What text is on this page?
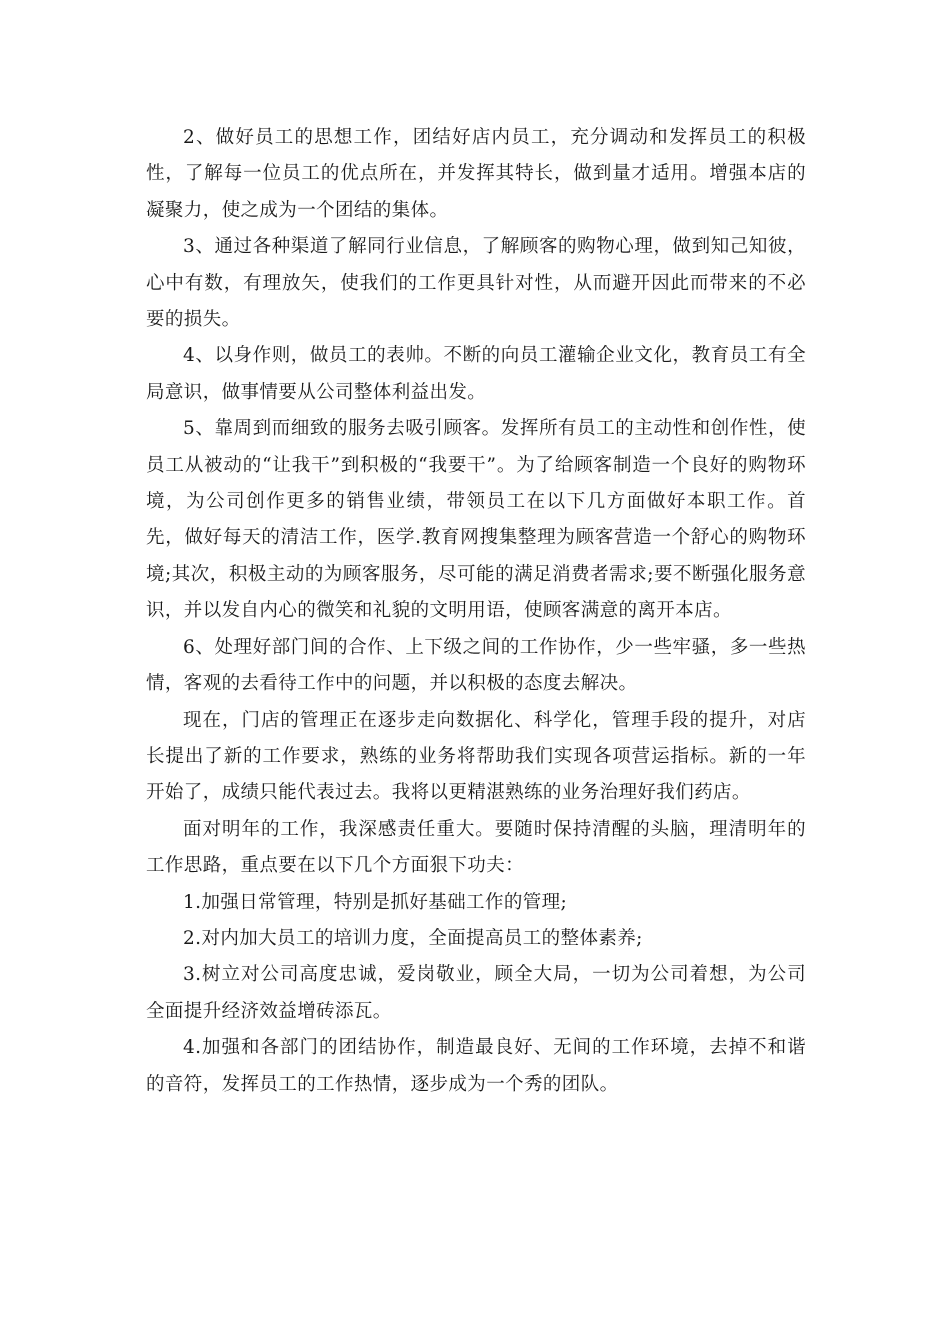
2、做好员工的思想工作，团结好店内员工，充分调动和发挥员工的积极性，了解每一位员工的优点所在，并发挥其特长，做到量才适用。增强本店的凝聚力，使之成为一个团结的集体。

3、通过各种渠道了解同行业信息，了解顾客的购物心理，做到知己知彼，心中有数，有理放矢，使我们的工作更具针对性，从而避开因此而带来的不必要的损失。

4、以身作则，做员工的表帅。不断的向员工灌输企业文化，教育员工有全局意识，做事情要从公司整体利益出发。

5、靠周到而细致的服务去吸引顾客。发挥所有员工的主动性和创作性，使员工从被动的“让我干”到积极的“我要干”。为了给顾客制造一个良好的购物环境，为公司创作更多的销售业绩，带领员工在以下几方面做好本职工作。首先，做好每天的清洁工作，医学.教育网搜集整理为顾客营造一个舒心的购物环境;其次，积极主动的为顾客服务，尽可能的满足消费者需求;要不断强化服务意识，并以发自内心的微笑和礼貌的文明用语，使顾客满意的离开本店。

6、处理好部门间的合作、上下级之间的工作协作，少一些牢骚，多一些热情，客观的去看待工作中的问题，并以积极的态度去解决。

现在，门店的管理正在逐步走向数据化、科学化，管理手段的提升，对店长提出了新的工作要求，熟练的业务将帮助我们实现各项营运指标。新的一年开始了，成绩只能代表过去。我将以更精湛熟练的业务治理好我们药店。

面对明年的工作，我深感责任重大。要随时保持清醒的头脑，理清明年的工作思路，重点要在以下几个方面狠下功夫：

1.加强日常管理，特别是抓好基础工作的管理;

2.对内加大员工的培训力度，全面提高员工的整体素养;

3.树立对公司高度忠诚，爱岗敬业，顾全大局，一切为公司着想，为公司全面提升经济效益增砖添瓦。

4.加强和各部门的团结协作，制造最良好、无间的工作环境，去掉不和谐的音符，发挥员工的工作热情，逐步成为一个秀的团队。
